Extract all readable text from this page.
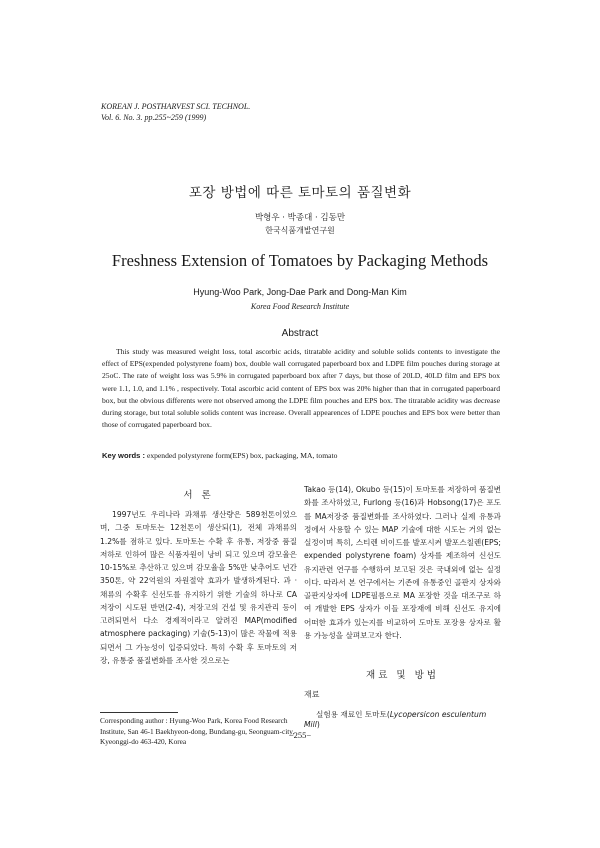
KOREAN J. POSTHARVEST SCI. TECHNOL.
Vol. 6. No. 3. pp.255~259 (1999)
포장 방법에 따른 토마토의 품질변화
박형우 · 박종대 · 김동만
한국식품개발연구원
Freshness Extension of Tomatoes by Packaging Methods
Hyung-Woo Park, Jong-Dae Park and Dong-Man Kim
Korea Food Research Institute
Abstract

This study was measured weight loss, total ascorbic acids, titratable acidity and soluble solids contents to investigate the effect of EPS(expended polystyrene foam) box, double wall corrugated paperboard box and LDPE film pouches during storage at 25oC. The rate of weight loss was 5.9% in corrugated paperboard box after 7 days, but those of 20LD, 40LD film and EPS box were 1.1, 1.0, and 1.1% , respectively. Total ascorbic acid content of EPS box was 20% higher than that in corrugated paperboard box, but the obvious differents were not observed among the LDPE film pouches and EPS box. The titratable acidity was decrease during storage, but total soluble solids content was increase. Overall appearences of LDPE pouches and EPS box were better than those of corrugated paperboard box.

Key words : expended polystyrene form(EPS) box, packaging, MA, tomato
서 론

1997년도 우리나라 과채류 생산량은 589천톤이었으며, 그중 토마토는 12천톤이 생산되(1), 전체 과채류의 1.2%를 점하고 있다. 토마토는 수확 후 유통, 저장중 품질저하로 인하여 많은 식품자원이 낭비 되고 있으며 감모율은 10-15%로 추산하고 있으며 감모율을 5%만 낮추어도 년간 350톤, 약 22억원의 자원절약 효과가 발생하게된다. 과 · 채류의 수확후 신선도를 유지하기 위한 기술의 하나로 CA 저장이 시도된 반면(2-4), 저장고의 건설 및 유지관리 등이 고려되면서 다소 경제적이라고 알려진 MAP(modified atmosphere packaging) 기술(5-13)이 많은 작물에 적용되면서 그 가능성이 입증되었다. 특히 수확 후 토마토의 저장, 유통중 품질변화를 조사한 것으로는

Corresponding author : Hyung-Woo Park, Korea Food Research Institute, San 46-1 Baekhyeon-dong, Bundang-gu, Seonguam-city, Kyeonggi-do 463-420, Korea

Takao 등(14), Okubo 등(15)이 토마토를 저장하여 품질변화를 조사하였고, Furlong 등(16)과 Hobsong(17)은 포도를 MA저장중 품질변화를 조사하였다. 그러나 실제 유통과정에서 사용할 수 있는 MAP 기술에 대한 시도는 거의 없는 실정이며 특히, 스티렌 비이드를 발포시켜 발포스칠렌(EPS; expended polystyrene foam) 상자를 제조하여 신선도 유지관련 연구를 수행하여 보고된 것은 국내외에 없는 실정이다. 따라서 본 연구에서는 기존에 유통중인 골판지 상자와 골판지상자에 LDPE필름으로 MA 포장한 것을 대조구로 하여 개발한 EPS 상자가 이들 포장재에 비해 신선도 유지에 어떠한 효과가 있는지를 비교하여 도마토 포장용 상자로 활용 가능성을 살펴보고자 한다.

재료 및 방법
재료
실험용 재료인 토마토(Lycopersicon esculentum Mill)
−255−
